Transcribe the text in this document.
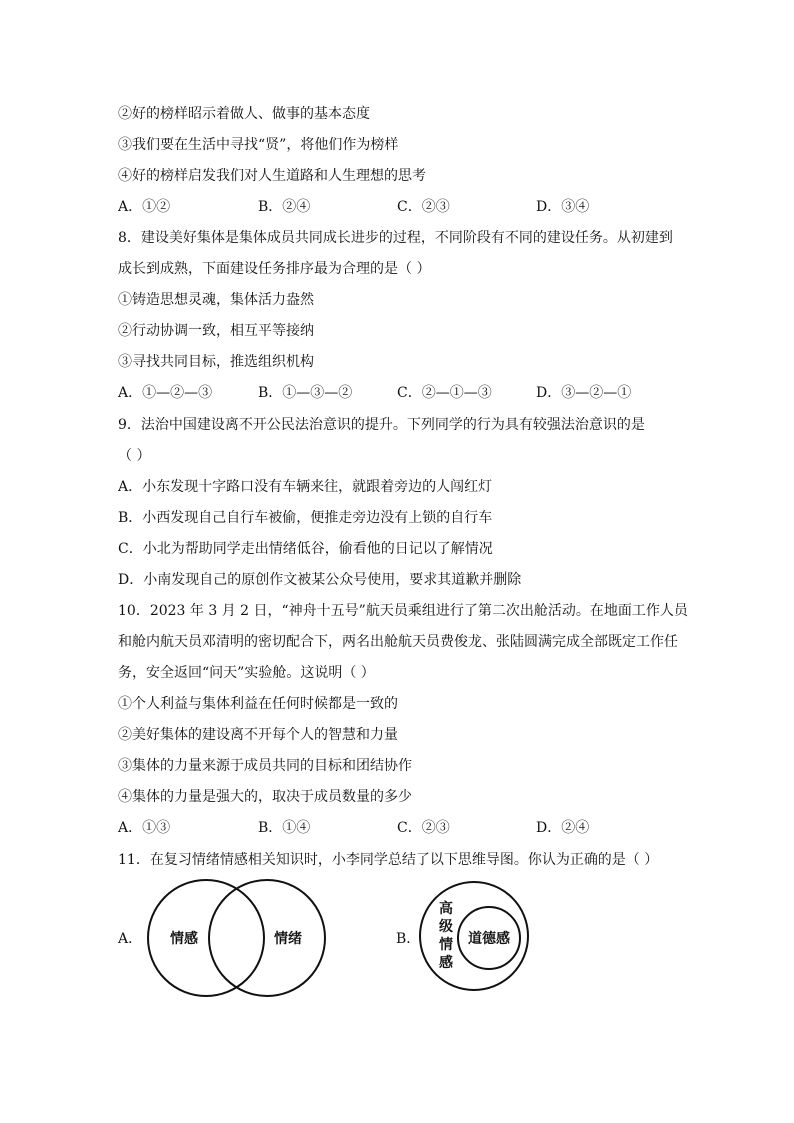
②好的榜样昭示着做人、做事的基本态度
③我们要在生活中寻找“贤”，将他们作为榜样
④好的榜样启发我们对人生道路和人生理想的思考
A．①②	B．②④	C．②③	D．③④
8．建设美好集体是集体成员共同成长进步的过程，不同阶段有不同的建设任务。从初建到
成长到成熟，下面建设任务排序最为合理的是（ ）
①铸造思想灵魂，集体活力盎然
②行动协调一致，相互平等接纳
③寻找共同目标，推选组织机构
A．①—②—③	B．①—③—②	C．②—①—③	D．③—②—①
9．法治中国建设离不开公民法治意识的提升。下列同学的行为具有较强法治意识的是
（ ）
A．小东发现十字路口没有车辆来往，就跟着旁边的人闯红灯
B．小西发现自己自行车被偷，便推走旁边没有上锁的自行车
C．小北为帮助同学走出情绪低谷，偷看他的日记以了解情况
D．小南发现自己的原创作文被某公众号使用，要求其道歉并删除
10．2023 年 3 月 2 日，“神舟十五号”航天员乘组进行了第二次出舱活动。在地面工作人员
和舱内航天员邓清明的密切配合下，两名出舱航天员费俊龙、张陆圆满完成全部既定工作任
务，安全返回“问天”实验舱。这说明（ ）
①个人利益与集体利益在任何时候都是一致的
②美好集体的建设离不开每个人的智慧和力量
③集体的力量来源于成员共同的目标和团结协作
④集体的力量是强大的，取决于成员数量的多少
A．①③	B．①④	C．②③	D．②④
11．在复习情绪情感相关知识时，小李同学总结了以下思维导图。你认为正确的是（ ）
A． 情感	情绪	B．
高
级
情
感
道德感
